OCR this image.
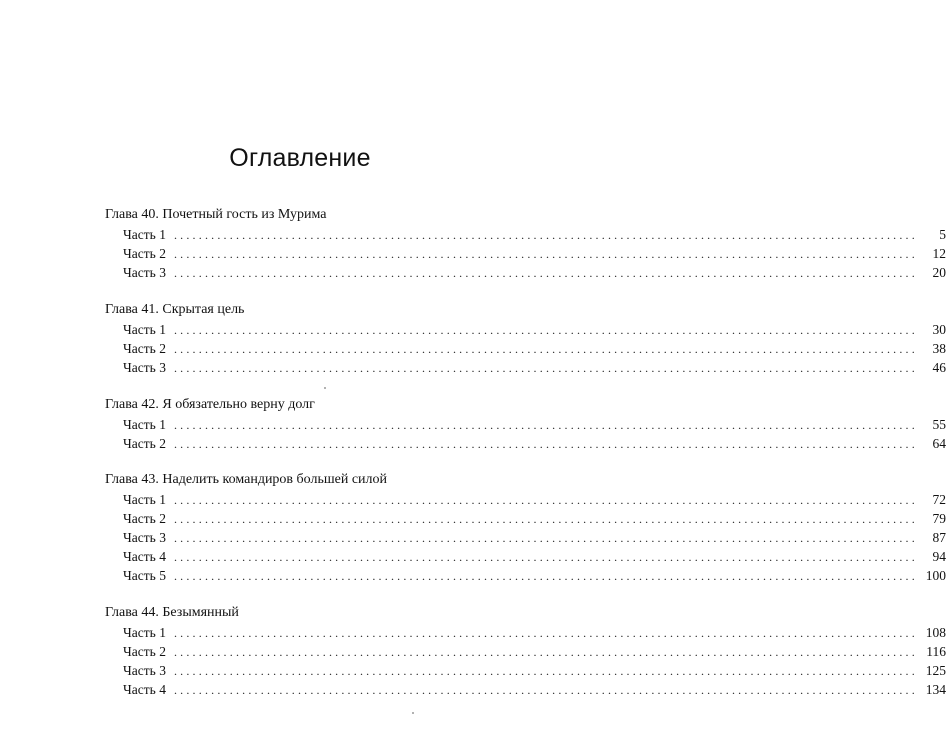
Оглавление
Глава 40. Почетный гость из Мурима
Часть 1 ........................................................................................................................	5
Часть 2 ........................................................................................................................	12
Часть 3 ........................................................................................................................	20
Глава 41. Скрытая цель
Часть 1 ........................................................................................................................	30
Часть 2 ........................................................................................................................	38
Часть 3 ........................................................................................................................	46
Глава 42. Я обязательно верну долг
Часть 1 ........................................................................................................................	55
Часть 2 ........................................................................................................................	64
Глава 43. Наделить командиров большей силой
Часть 1 ........................................................................................................................	72
Часть 2 ........................................................................................................................	79
Часть 3 ........................................................................................................................	87
Часть 4 ........................................................................................................................	94
Часть 5 ........................................................................................................................ 100
Глава 44. Безымянный
Часть 1 ........................................................................................................................ 108
Часть 2 ........................................................................................................................ 116
Часть 3 ........................................................................................................................ 125
Часть 4 ........................................................................................................................ 134
